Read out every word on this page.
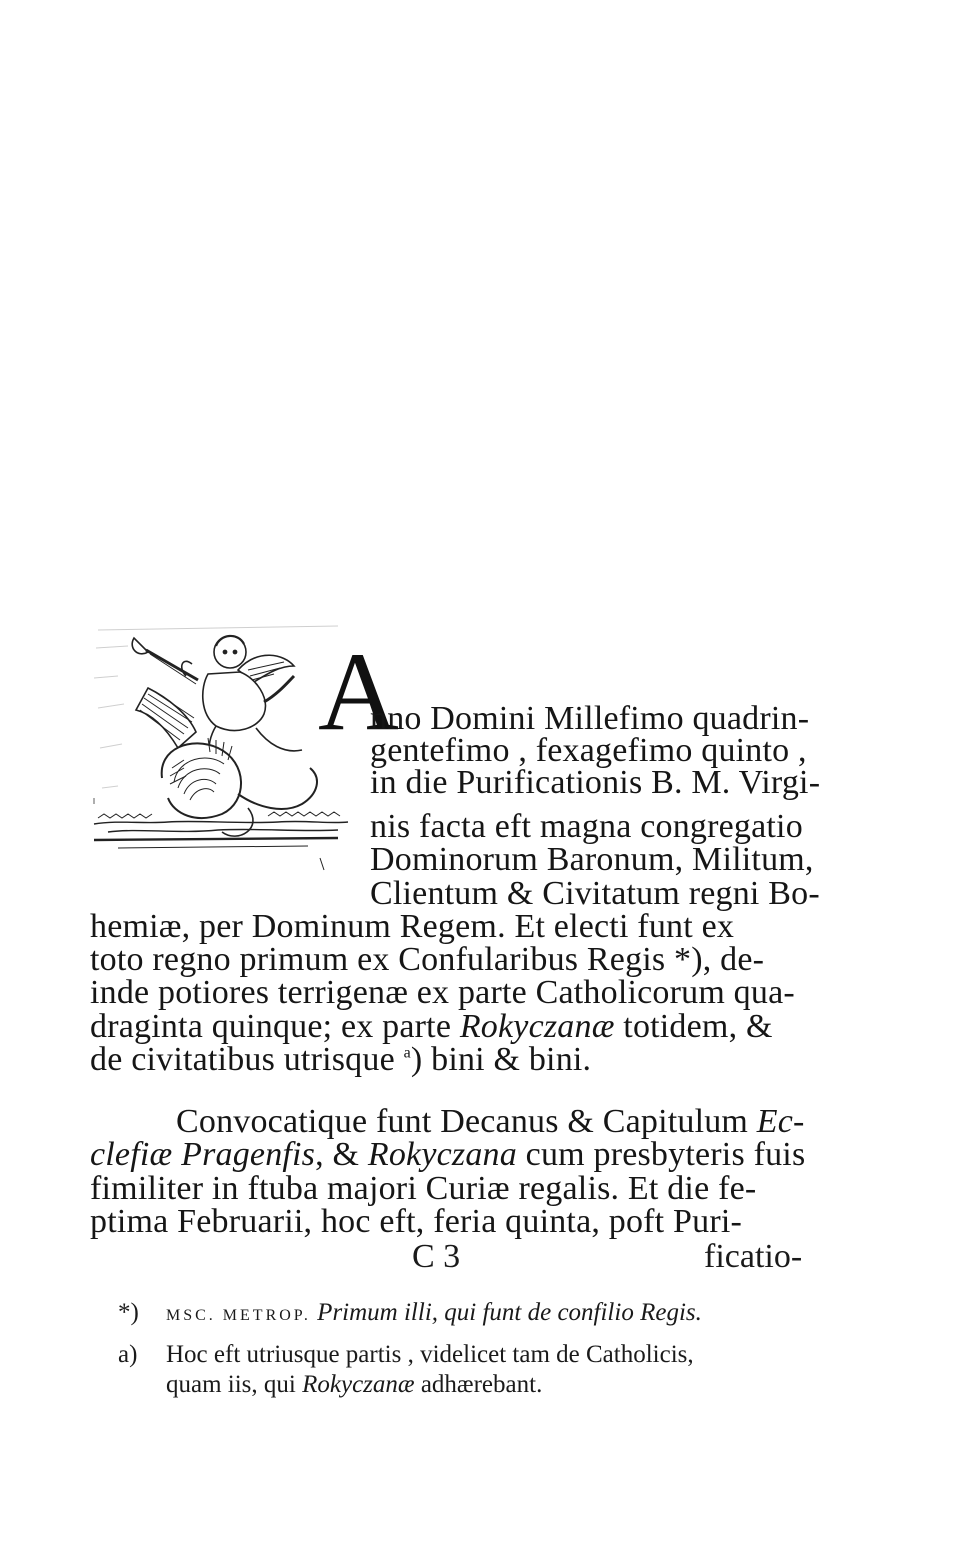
A
nno Domini Millefimo quadrin-
gentefimo , fexagefimo quinto ,
in die Purificationis B. M. Virgi-
nis facta eft magna congregatio
Dominorum Baronum, Militum,
Clientum & Civitatum regni Bo-
hemiæ, per Dominum Regem. Et electi funt ex
toto regno primum ex Confularibus Regis *), de-
inde potiores terrigenæ ex parte Catholicorum qua-
draginta quinque; ex parte Rokyczanæ totidem, &
de civitatibus utrisque $^a$) bini & bini.
Convocatique funt Decanus & Capitulum Ec-
clefiæ Pragenfis, & Rokyczana cum presbyteris fuis
fimiliter in ftuba majori Curiæ regalis. Et die fe-
ptima Februarii, hoc eft, feria quinta, poft Puri-
C 3	ficatio-
*) MSC. METROP. Primum illi, qui funt de confilio Regis.
a) Hoc eft utriusque partis , videlicet tam de Catholicis,
quam iis, qui Rokyczanæ adhærebant.
